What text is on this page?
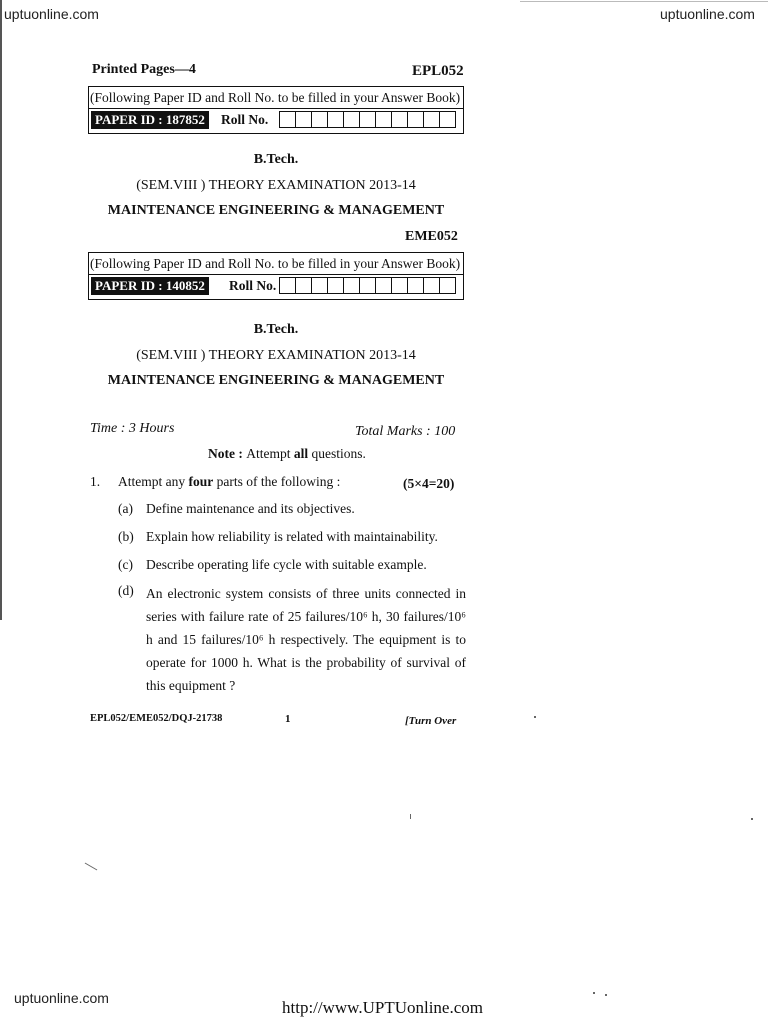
uptuonline.com	uptuonline.com
Printed Pages—4	EPL052
(Following Paper ID and Roll No. to be filled in your Answer Book)
PAPER ID : 187852 Roll No.
B.Tech.
(SEM.VIII ) THEORY EXAMINATION 2013-14
MAINTENANCE ENGINEERING & MANAGEMENT
EME052
(Following Paper ID and Roll No. to be filled in your Answer Book)
PAPER ID : 140852 Roll No.
B.Tech.
(SEM.VIII ) THEORY EXAMINATION 2013-14
MAINTENANCE ENGINEERING & MANAGEMENT
Time : 3 Hours	Total Marks : 100
Note : Attempt all questions.
1. Attempt any four parts of the following :	(5×4=20)
(a) Define maintenance and its objectives.
(b) Explain how reliability is related with maintainability.
(c) Describe operating life cycle with suitable example.
(d) An electronic system consists of three units connected in series with failure rate of 25 failures/10⁶ h, 30 failures/10⁶ h and 15 failures/10⁶ h respectively. The equipment is to operate for 1000 h. What is the probability of survival of this equipment ?
EPL052/EME052/DQJ-21738	1	[Turn Over
uptuonline.com	http://www.UPTUonline.com
